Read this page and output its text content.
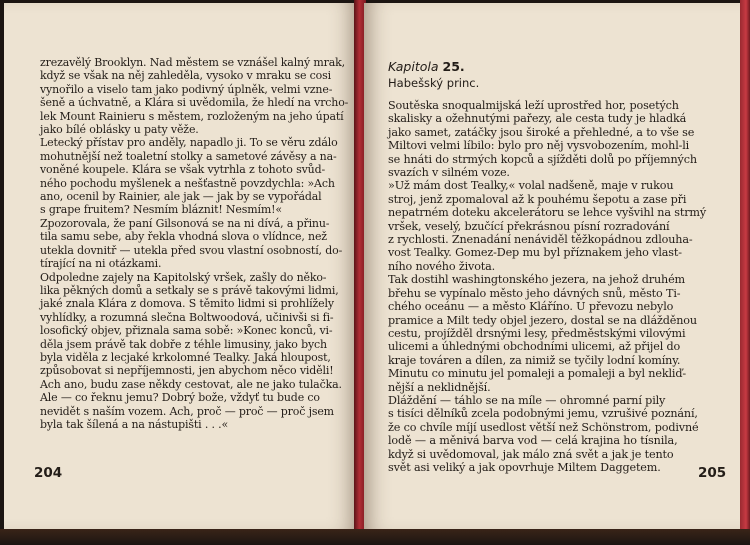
zrezavělý Brooklyn. Nad městem se vznášel kalný mrak,
když se však na něj zahleděla, vysoko v mraku se cosi
vynořilo a viselo tam jako podivný úplněk, velmi vzne-
šeně a úchvatně, a Klára si uvědomila, že hledí na vrcho-
lek Mount Rainieru s městem, rozloženým na jeho úpatí
jako bílé oblásky u paty věže.
Letecký přístav pro anděly, napadlo ji. To se věru zdálo
mohutnější než toaletní stolky a sametové závěsy a na-
voněné koupele. Klára se však vytrhla z tohoto svůd-
ného pochodu myšlenek a nešťastně povzdychla: »Ach
ano, ocenil by Rainier, ale jak — jak by se vypořádal
s grape fruitem? Nesmím bláznit! Nesmím!«
Zpozorovala, že paní Gilsonová se na ni dívá, a přinu-
tila samu sebe, aby řekla vhodná slova o vlídnce, než
utekla dovnitř — utekla před svou vlastní osobností, do-
tírající na ni otázkami.
Odpoledne zajely na Kapitolský vršek, zašly do něko-
lika pěkných domů a setkaly se s právě takovými lidmi,
jaké znala Klára z domova. S těmito lidmi si prohlížely
vyhlídky, a rozumná slečna Boltwoodová, učinivši si fi-
losofický objev, přiznala sama sobě: »Konec konců, vi-
děla jsem právě tak dobře z téhle limusiny, jako bych
byla viděla z lecjaké krkolomné Tealky. Jaká hloupost,
způsobovat si nepříjemnosti, jen abychom něco viděli!
Ach ano, budu zase někdy cestovat, ale ne jako tulačka.
Ale — co řeknu jemu? Dobrý bože, vždyť tu bude co
nevidět s naším vozem. Ach, proč — proč — proč jsem
byla tak šílená a na nástupišti . . .«
204
Kapitola 25.
Habešský princ.
Soutěska snoqualmijská leží uprostřed hor, posetých
skalisky a ožehnutými pařezy, ale cesta tudy je hladká
jako samet, zatáčky jsou široké a přehledné, a to vše se
Miltovi velmi líbilo: bylo pro něj vysvobozením, mohl-li
se hnáti do strmých kopců a sjížděti dolů po příjemných
svazích v silném voze.
»Už mám dost Tealky,« volal nadšeně, maje v rukou
stroj, jenž zpomaloval až k pouhému šepotu a zase při
nepatrném doteku akcelerátoru se lehce vyšvihl na strmý
vršek, veselý, bzučící překrásnou písní rozradování
z rychlosti. Znenadání nenáviděl těžkopádnou zdlouha-
vost Tealky. Gomez-Dep mu byl příznakem jeho vlast-
ního nového života.
Tak dostihl washingtonského jezera, na jehož druhém
břehu se vypínalo město jeho dávných snů, město Ti-
chého oceánu — a město Kláříno. U převozu nebylo
pramice a Milt tedy objel jezero, dostal se na dlážděnou
cestu, projížděl drsnými lesy, předměstskými vilovými
ulicemi a úhlednými obchodními ulicemi, až přijel do
kraje továren a dílen, za nimiž se tyčily lodní komíny.
Minutu co minutu jel pomaleji a pomaleji a byl nekliď-
nější a neklidnější.
Dláždění — táhlo se na míle — ohromné parní pily
s tisíci dělníků zcela podobnými jemu, vzrušivé poznání,
že co chvíle míjí usedlost větší než Schönstrom, podivné
lodě — a měnivá barva vod — celá krajina ho tísnila,
když si uvědomoval, jak málo zná svět a jak je tento
svět asi veliký a jak opovrhuje Miltem Daggetem.	205
